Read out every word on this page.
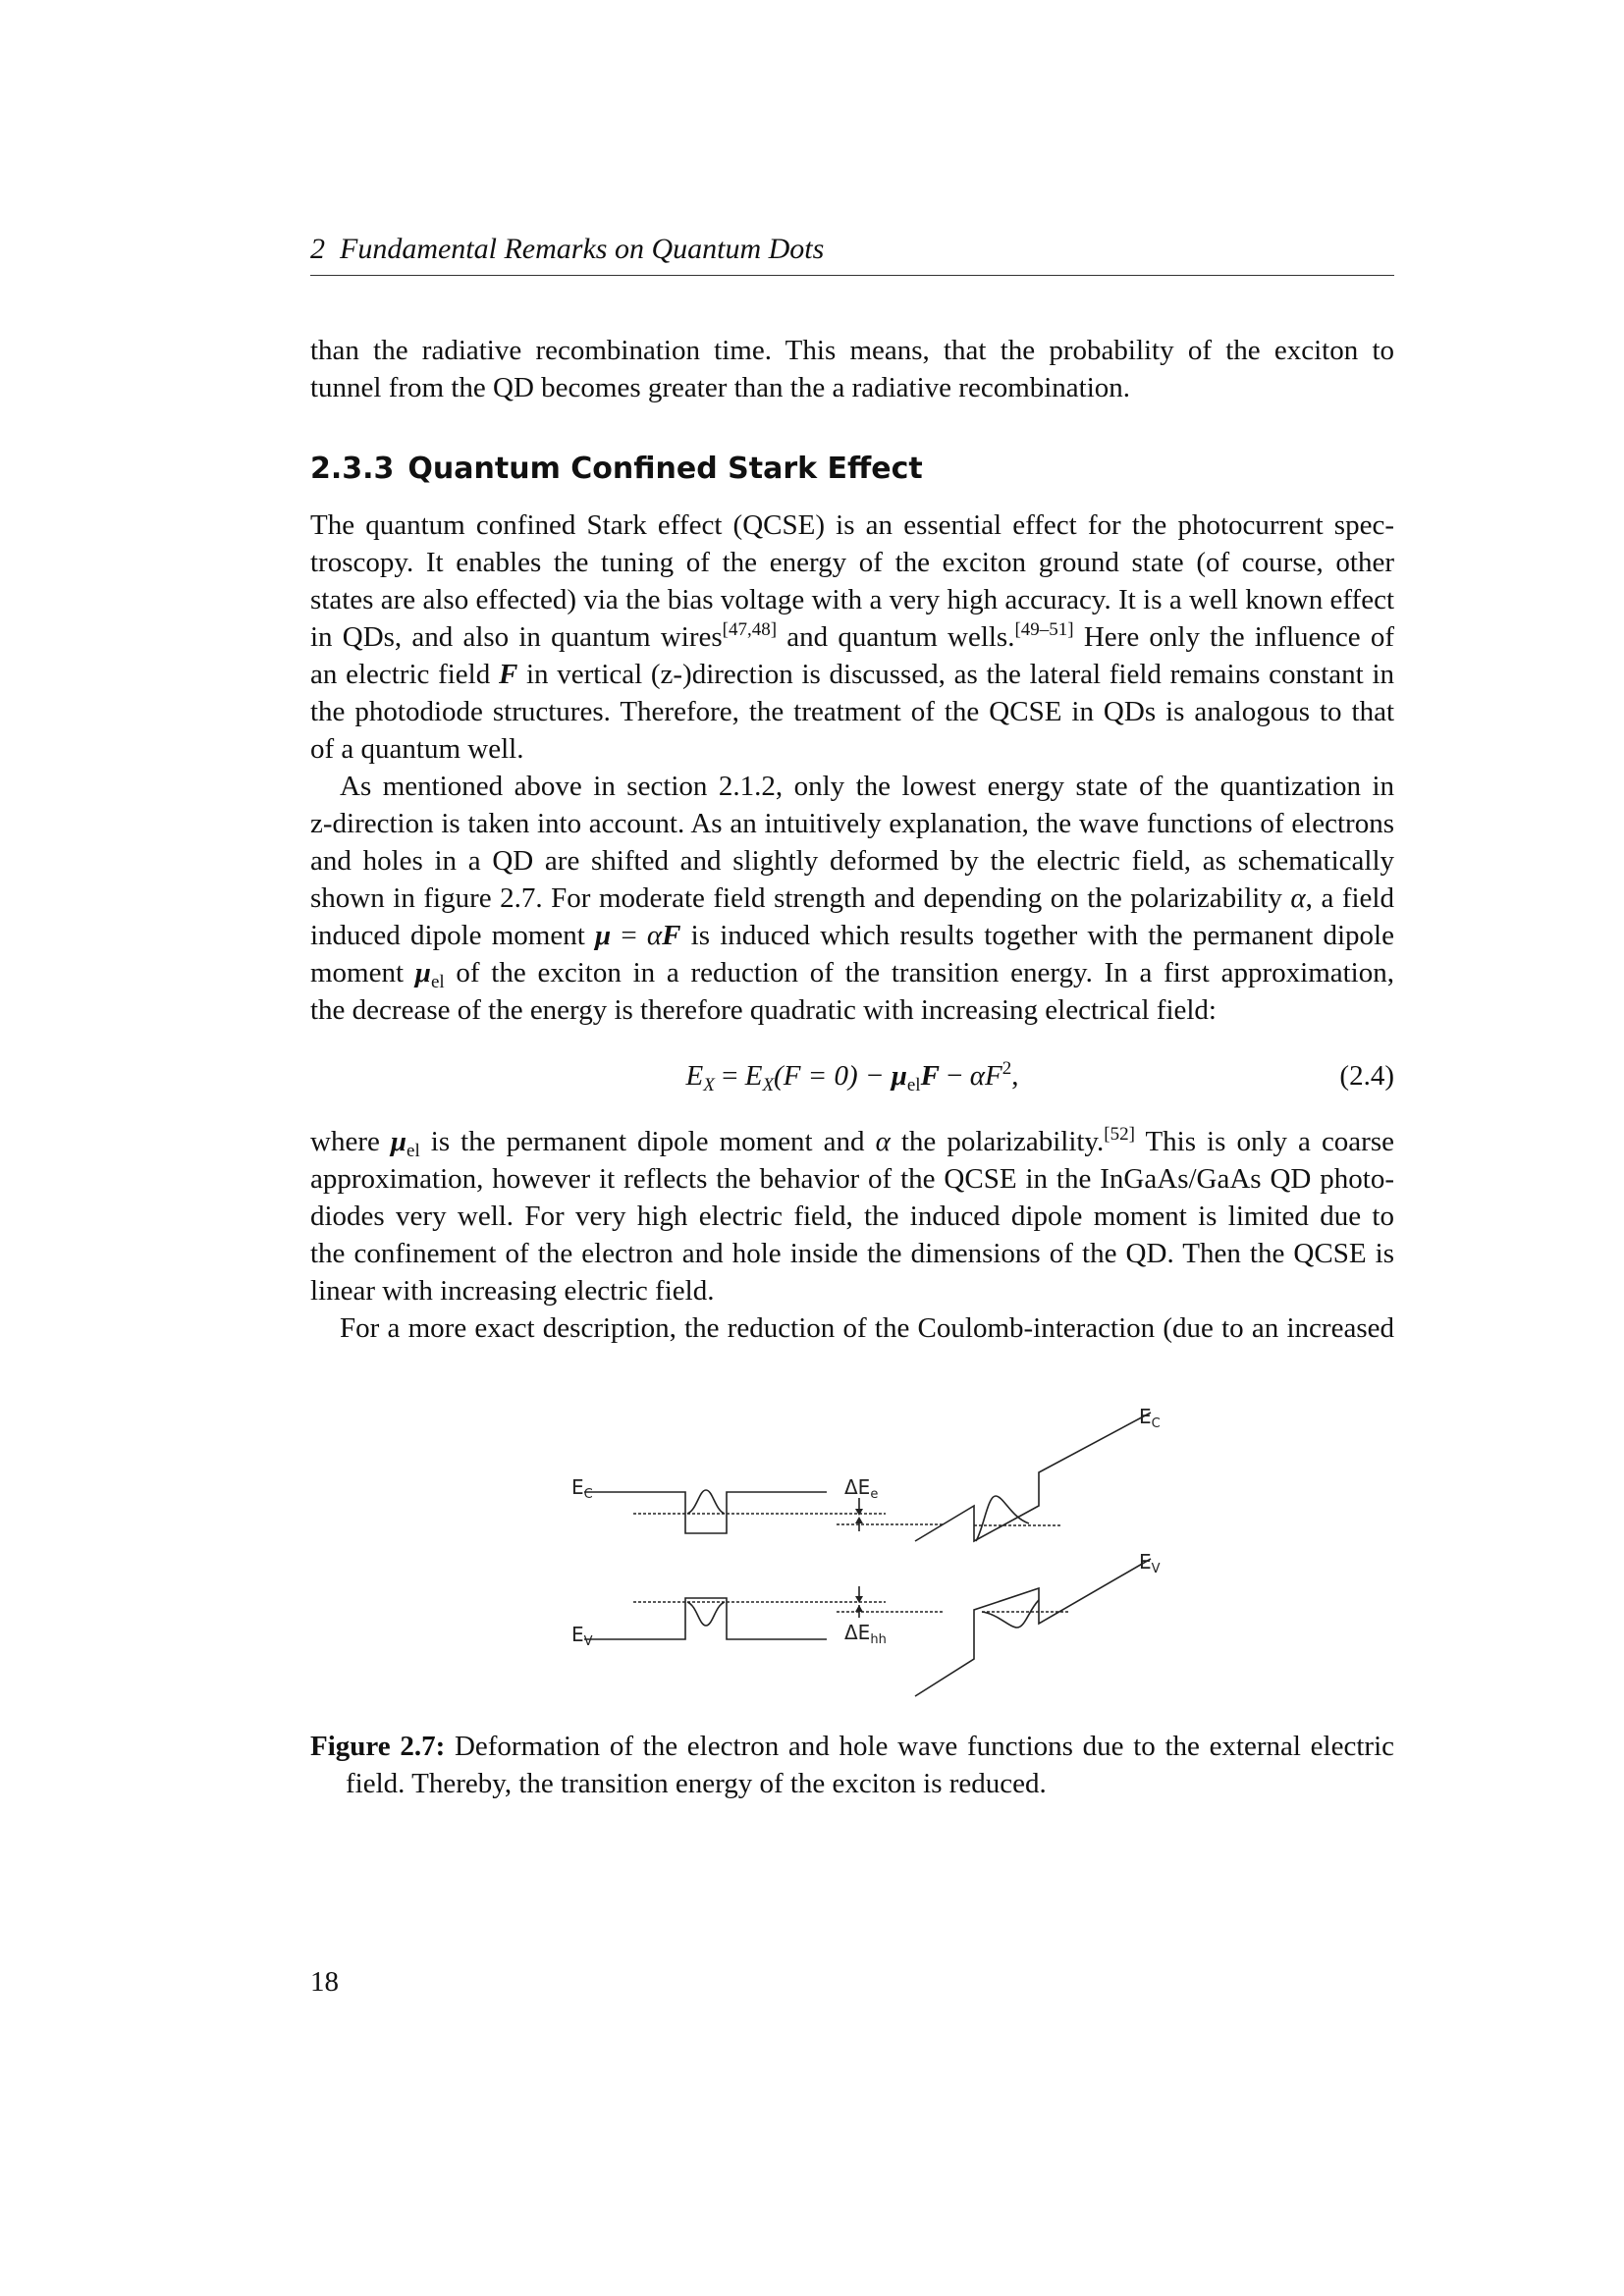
2 Fundamental Remarks on Quantum Dots
than the radiative recombination time. This means, that the probability of the exciton to
tunnel from the QD becomes greater than the a radiative recombination.
2.3.3 Quantum Confined Stark Effect
The quantum confined Stark effect (QCSE) is an essential effect for the photocurrent spec-
troscopy. It enables the tuning of the energy of the exciton ground state (of course, other
states are also effected) via the bias voltage with a very high accuracy. It is a well known effect
in QDs, and also in quantum wires[47,48] and quantum wells.[49–51] Here only the influence of
an electric field F in vertical (z-)direction is discussed, as the lateral field remains constant in
the photodiode structures. Therefore, the treatment of the QCSE in QDs is analogous to that
of a quantum well.
As mentioned above in section 2.1.2, only the lowest energy state of the quantization in
z-direction is taken into account. As an intuitively explanation, the wave functions of electrons
and holes in a QD are shifted and slightly deformed by the electric field, as schematically
shown in figure 2.7. For moderate field strength and depending on the polarizability α, a field
induced dipole moment μ = αF is induced which results together with the permanent dipole
moment $\mu_{el}$ of the exciton in a reduction of the transition energy. In a first approximation,
the decrease of the energy is therefore quadratic with increasing electrical field:
$E_X = E_X(F = 0) - \mu_{el}F - \alpha F^2$,	(2.4)
where $\mu_{el}$ is the permanent dipole moment and α the polarizability.[52] This is only a coarse
approximation, however it reflects the behavior of the QCSE in the InGaAs/GaAs QD photo-
diodes very well. For very high electric field, the induced dipole moment is limited due to
the confinement of the electron and hole inside the dimensions of the QD. Then the QCSE is
linear with increasing electric field.
For a more exact description, the reduction of the Coulomb-interaction (due to an increased
$E_C$
$E_V$
$\Delta E_e$
$\Delta E_{hh}$
$E_C$
$E_V$
Figure 2.7: Deformation of the electron and hole wave functions due to the external electric
field. Thereby, the transition energy of the exciton is reduced.
18
